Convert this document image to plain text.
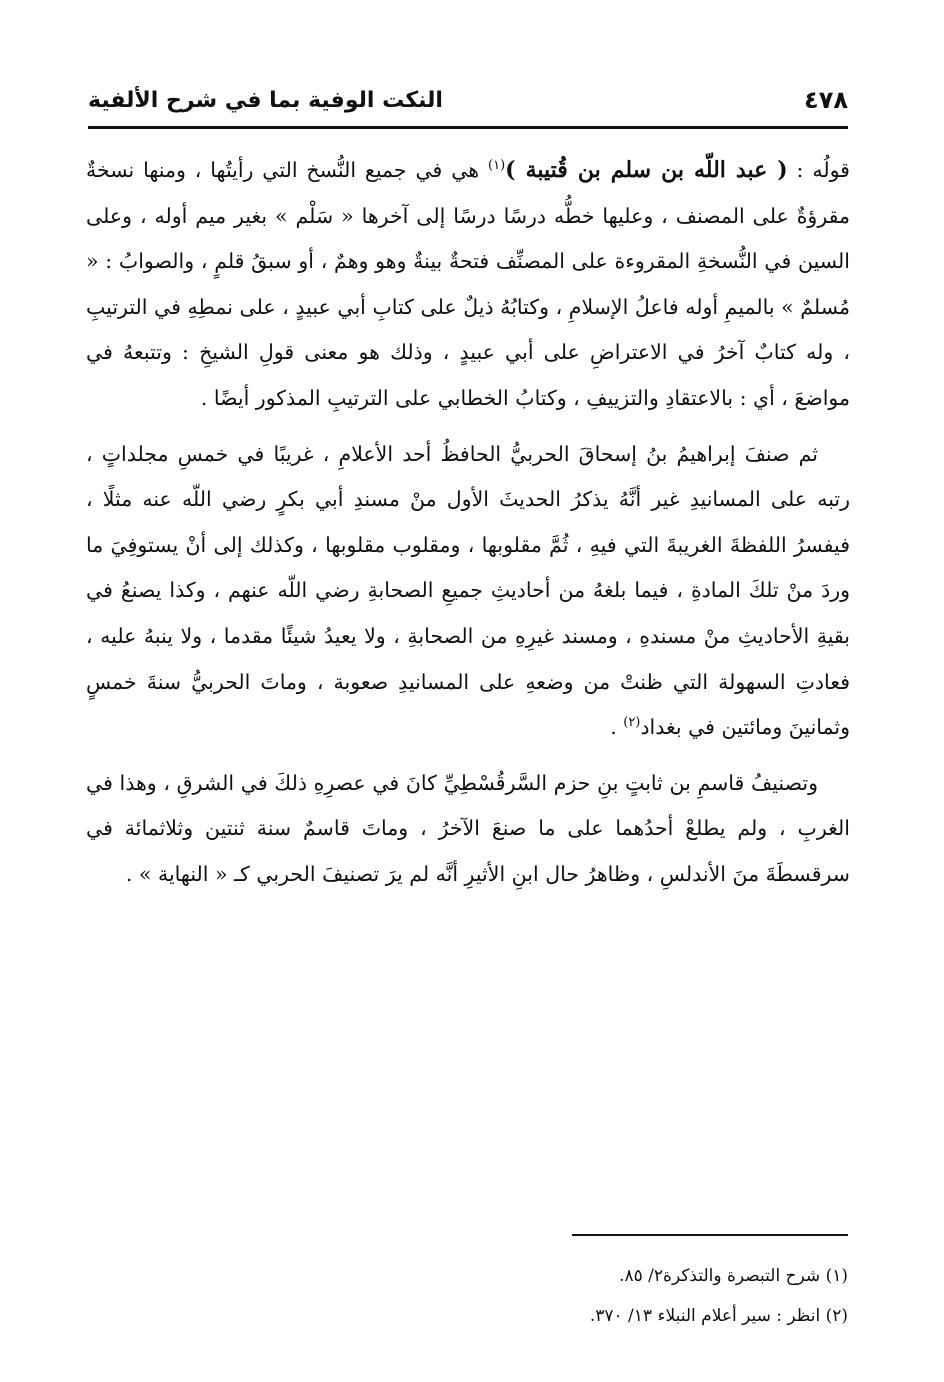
٤٧٨
النكت الوفية بما في شرح الألفية

قولُه : ( عبد اللّه بن سلم بن قُتيبة )$^{(١)}$ هي في جميع النُّسخ التي رأيتُها ، ومنها نسخةٌ مقرؤةٌ على المصنف ، وعليها خطُّه درسًا درسًا إلى آخرها « سَلْم » بغير ميم أوله ، وعلى السين في النُّسخةِ المقروءة على المصنِّف فتحةٌ بينةٌ وهو وهمٌ ، أو سبقُ قلمٍ ، والصوابُ : « مُسلمٌ » بالميمِ أوله فاعلُ الإسلامِ ، وكتابُهُ ذيلٌ على كتابِ أبي عبيدٍ ، على نمطِهِ في الترتيبِ ، وله كتابٌ آخرُ في الاعتراضِ على أبي عبيدٍ ، وذلك هو معنى قولِ الشيخِ : وتتبعهُ في مواضعَ ، أي : بالاعتقادِ والتزييفِ ، وكتابُ الخطابي على الترتيبِ المذكور أيضًا .

ثم صنفَ إبراهيمُ بنُ إسحاقَ الحربيُّ الحافظُ أحد الأعلامِ ، غريبًا في خمسِ مجلداتٍ ، رتبه على المسانيدِ غير أنَّهُ يذكرُ الحديثَ الأول منْ مسندِ أبي بكرٍ رضي اللّه عنه مثلًا ، فيفسرُ اللفظةَ الغريبةَ التي فيهِ ، ثُمَّ مقلوبها ، ومقلوب مقلوبها ، وكذلك إلى أنْ يستوفِيَ ما وردَ منْ تلكَ المادةِ ، فيما بلغهُ من أحاديثِ جميعِ الصحابةِ رضي اللّه عنهم ، وكذا يصنعُ في بقيةِ الأحاديثِ منْ مسندهِ ، ومسند غيرِهِ من الصحابةِ ، ولا يعيدُ شيئًا مقدما ، ولا ينبهُ عليه ، فعادتِ السهولة التي ظنتْ من وضعهِ على المسانيدِ صعوبة ، وماتَ الحربيُّ سنةَ خمسٍ وثمانينَ ومائتين في بغداد$^{(٢)}$ .

وتصنيفُ قاسمِ بن ثابتٍ بنِ حزم السَّرقُسْطِيِّ كانَ في عصرِهِ ذلكَ في الشرقِ ، وهذا في الغربِ ، ولم يطلعْ أحدُهما على ما صنعَ الآخرُ ، وماتَ قاسمٌ سنة ثنتين وثلاثمائة في سرقسطَةَ منَ الأندلسِ ، وظاهرُ حال ابنِ الأثيرِ أنَّه لم يرَ تصنيفَ الحربي كـ « النهاية » .

(١) شرح التبصرة والتذكرة٢/ ٨٥.
(٢) انظر : سير أعلام النبلاء ١٣/ ٣٧٠.
